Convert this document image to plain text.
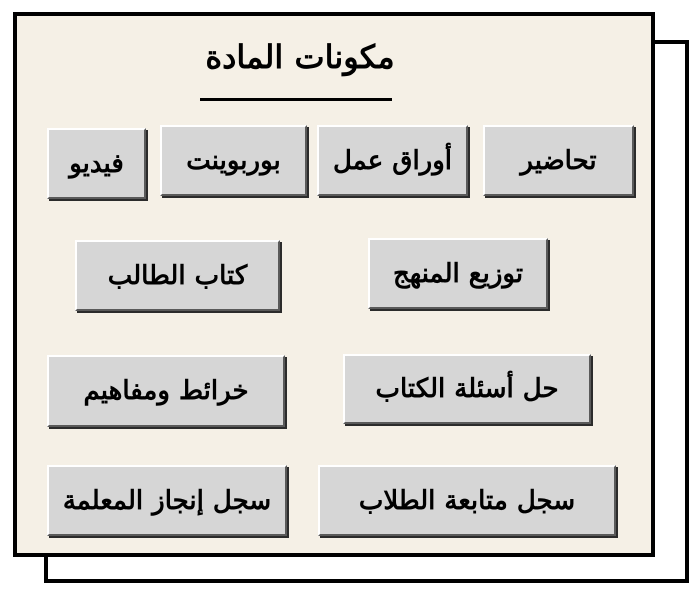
مكونات المادة
تحاضير
أوراق عمل
بوربوينت
فيديو
توزيع المنهج
كتاب الطالب
حل أسئلة الكتاب
خرائط ومفاهيم
سجل متابعة الطلاب
سجل إنجاز المعلمة
